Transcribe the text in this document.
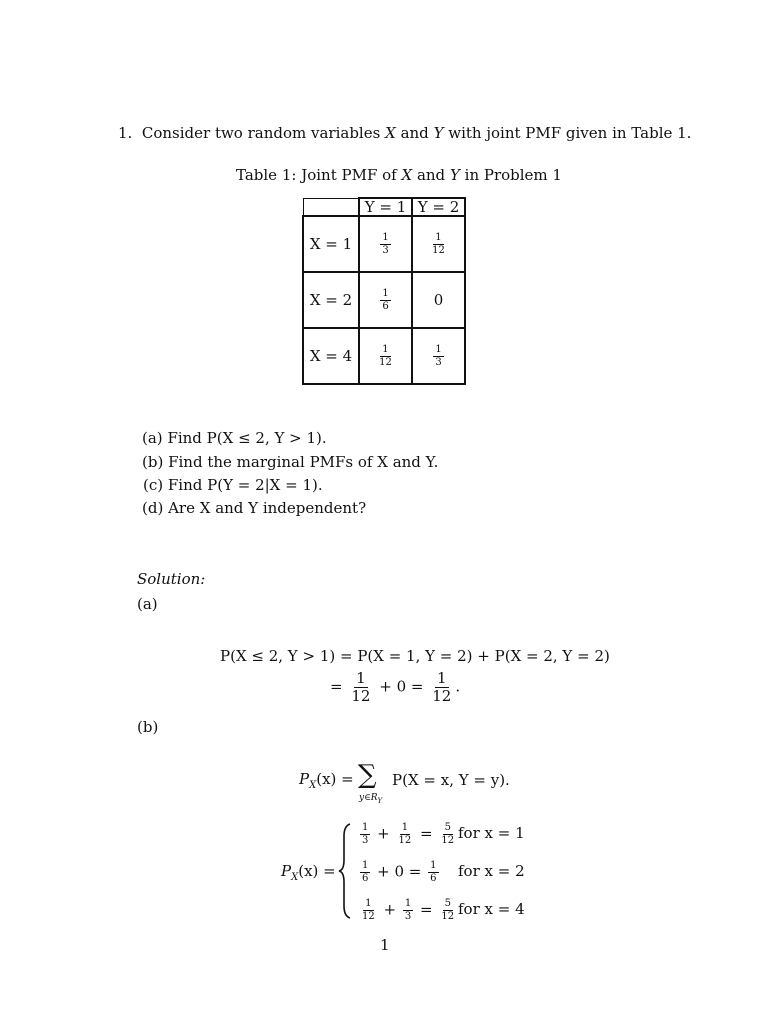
1. Consider two random variables X and Y with joint PMF given in Table 1.
Table 1: Joint PMF of X and Y in Problem 1
	Y = 1	Y = 2
X = 1	$\frac{1}{3}$	$\frac{1}{12}$

X = 2	$\frac{1}{6}$	0
X = 4	$\frac{1}{12}$	$\frac{1}{3}$
(a) Find P(X ≤ 2, Y > 1).
(b) Find the marginal PMFs of X and Y.
(c) Find P(Y = 2|X = 1).
(d) Are X and Y independent?
Solution:
(a)
P(X ≤ 2, Y > 1) = P(X = 1, Y = 2) + P(X = 2, Y = 2)
= $\frac{1}{12} + 0 = \frac{1}{12}$ .
(b)
$P_X(x)$ = ∑
$y\in R_Y$
P(X = x, Y = y).
$P_X(x)$ =
$\frac{1}{3} + \frac{1}{12} = \frac{5}{12}$ for x = 1
$\frac{1}{6} + 0 = \frac{1}{6}$ for x = 2
$\frac{1}{12} + \frac{1}{3} = \frac{5}{12}$ for x = 4
1
